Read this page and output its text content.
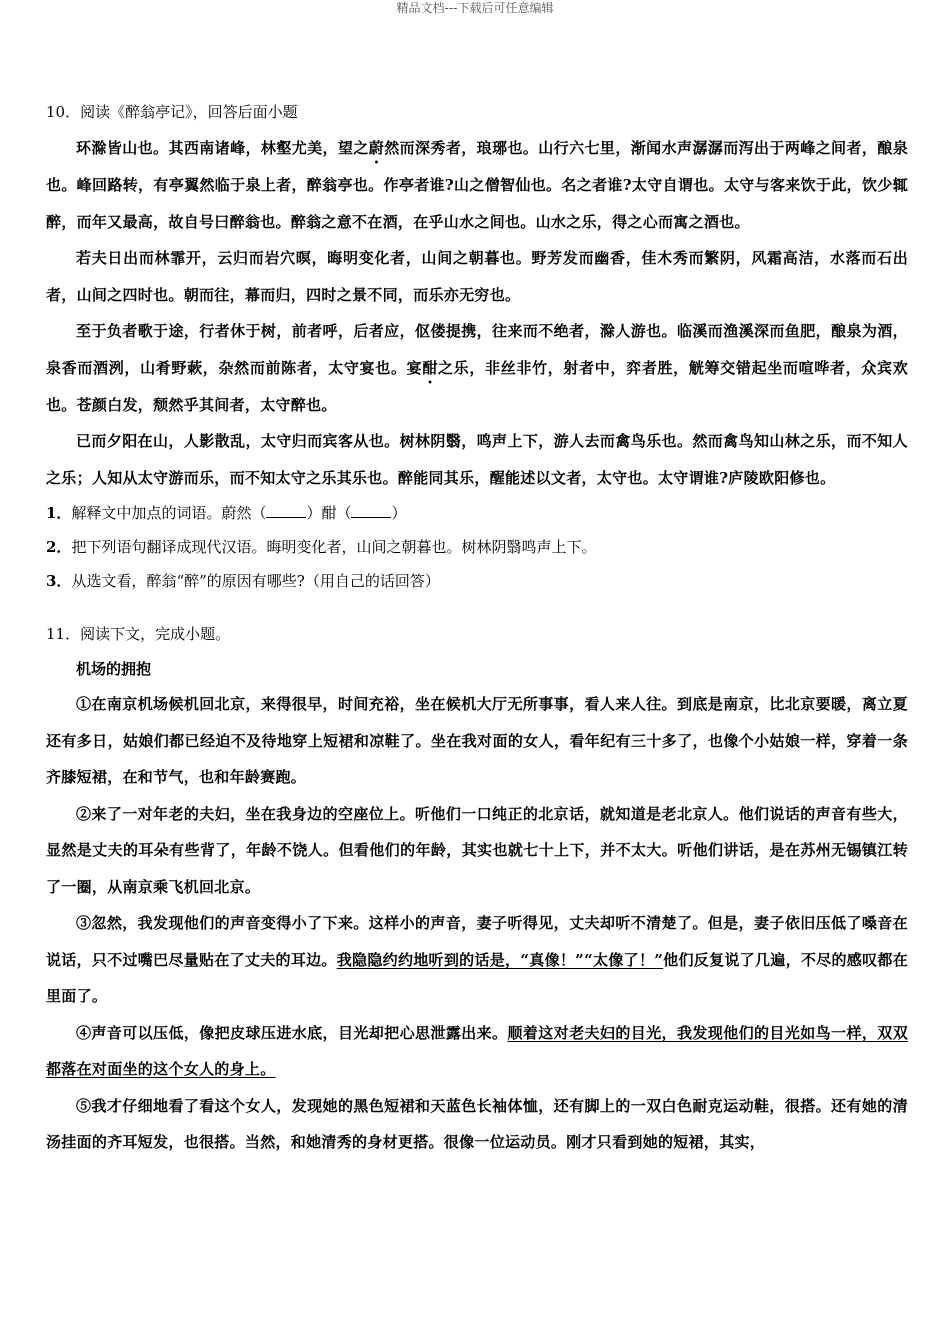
精品文档---下载后可任意编辑

10．阅读《醉翁亭记》，回答后面小题

环滁皆山也。其西南诸峰，林壑尤美，望之蔚然而深秀者，琅琊也。山行六七里，渐闻水声潺潺而泻出于两峰之间者，酿泉也。峰回路转，有亭翼然临于泉上者，醉翁亭也。作亭者谁?山之僧智仙也。名之者谁?太守自谓也。太守与客来饮于此，饮少辄醉，而年又最高，故自号曰醉翁也。醉翁之意不在酒，在乎山水之间也。山水之乐，得之心而寓之酒也。

若夫日出而林霏开，云归而岩穴暝，晦明变化者，山间之朝暮也。野芳发而幽香，佳木秀而繁阴，风霜高洁，水落而石出者，山间之四时也。朝而往，幕而归，四时之景不同，而乐亦无穷也。

至于负者歌于途，行者休于树，前者呼，后者应，伛偻提携，往来而不绝者，滁人游也。临溪而渔溪深而鱼肥，酿泉为酒，泉香而酒洌，山肴野蔌，杂然而前陈者，太守宴也。宴酣之乐，非丝非竹，射者中，弈者胜，觥筹交错起坐而喧哗者，众宾欢也。苍颜白发，颓然乎其间者，太守醉也。

已而夕阳在山，人影散乱，太守归而宾客从也。树林阴翳，鸣声上下，游人去而禽鸟乐也。然而禽鸟知山林之乐，而不知人之乐；人知从太守游而乐，而不知太守之乐其乐也。醉能同其乐，醒能述以文者，太守也。太守谓谁?庐陵欧阳修也。

1．解释文中加点的词语。蔚然（	）酣（	）

2．把下列语句翻译成现代汉语。晦明变化者，山间之朝暮也。树林阴翳鸣声上下。

3．从选文看，醉翁“醉”的原因有哪些?（用自己的话回答）

11．阅读下文，完成小题。

机场的拥抱

①在南京机场候机回北京，来得很早，时间充裕，坐在候机大厅无所事事，看人来人往。到底是南京，比北京要暖，离立夏还有多日，姑娘们都已经迫不及待地穿上短裙和凉鞋了。坐在我对面的女人，看年纪有三十多了，也像个小姑娘一样，穿着一条齐膝短裙，在和节气，也和年龄赛跑。

②来了一对年老的夫妇，坐在我身边的空座位上。听他们一口纯正的北京话，就知道是老北京人。他们说话的声音有些大，显然是丈夫的耳朵有些背了，年龄不饶人。但看他们的年龄，其实也就七十上下，并不太大。听他们讲话，是在苏州无锡镇江转了一圈，从南京乘飞机回北京。

③忽然，我发现他们的声音变得小了下来。这样小的声音，妻子听得见，丈夫却听不清楚了。但是，妻子依旧压低了嗓音在说话，只不过嘴巴尽量贴在了丈夫的耳边。我隐隐约约地听到的话是，“真像！”“太像了！”他们反复说了几遍，不尽的感叹都在里面了。

④声音可以压低，像把皮球压进水底，目光却把心思泄露出来。顺着这对老夫妇的目光，我发现他们的目光如鸟一样，双双都落在对面坐的这个女人的身上。

⑤我才仔细地看了看这个女人，发现她的黑色短裙和天蓝色长袖体恤，还有脚上的一双白色耐克运动鞋，很搭。还有她的清汤挂面的齐耳短发，也很搭。当然，和她清秀的身材更搭。很像一位运动员。刚才只看到她的短裙，其实，
